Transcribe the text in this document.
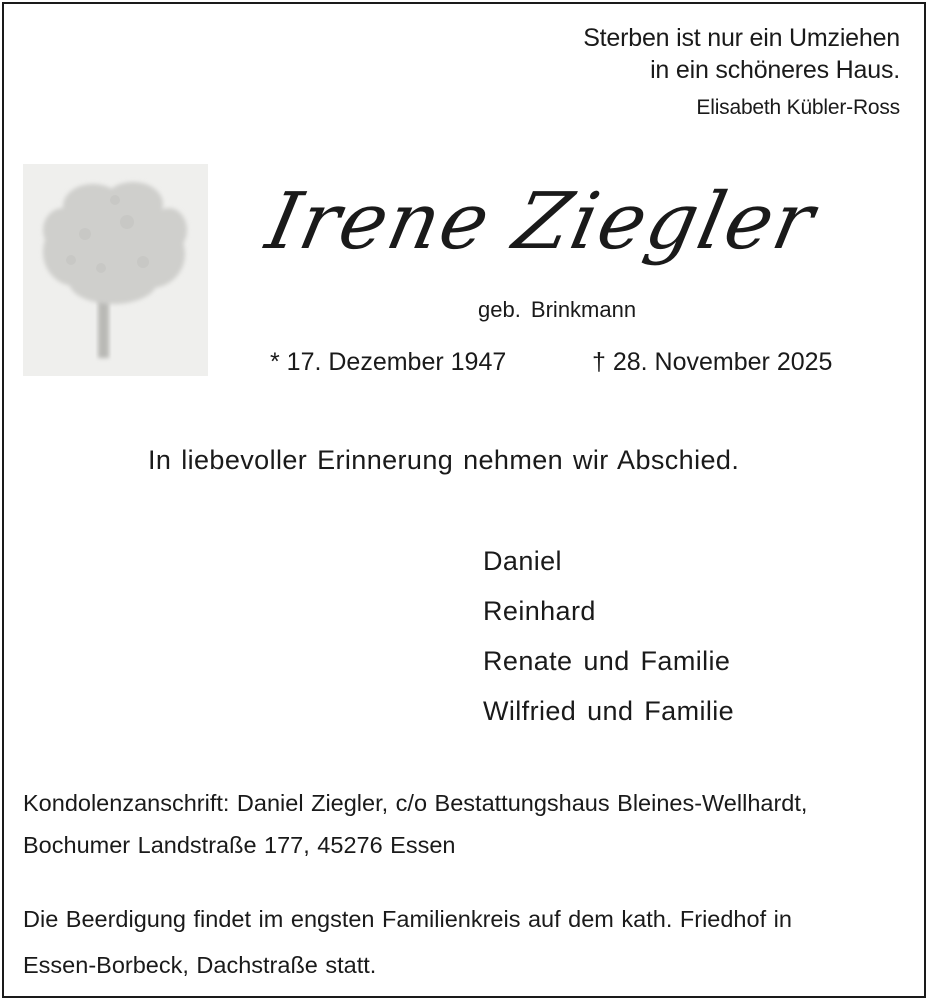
Sterben ist nur ein Umziehen
in ein schöneres Haus.
Elisabeth Kübler-Ross
Irene Ziegler
geb. Brinkmann
* 17. Dezember 1947	† 28. November 2025
In liebevoller Erinnerung nehmen wir Abschied.
Daniel
Reinhard
Renate und Familie
Wilfried und Familie
Kondolenzanschrift: Daniel Ziegler, c/o Bestattungshaus Bleines-Wellhardt,
Bochumer Landstraße 177, 45276 Essen
Die Beerdigung findet im engsten Familienkreis auf dem kath. Friedhof in
Essen-Borbeck, Dachstraße statt.
